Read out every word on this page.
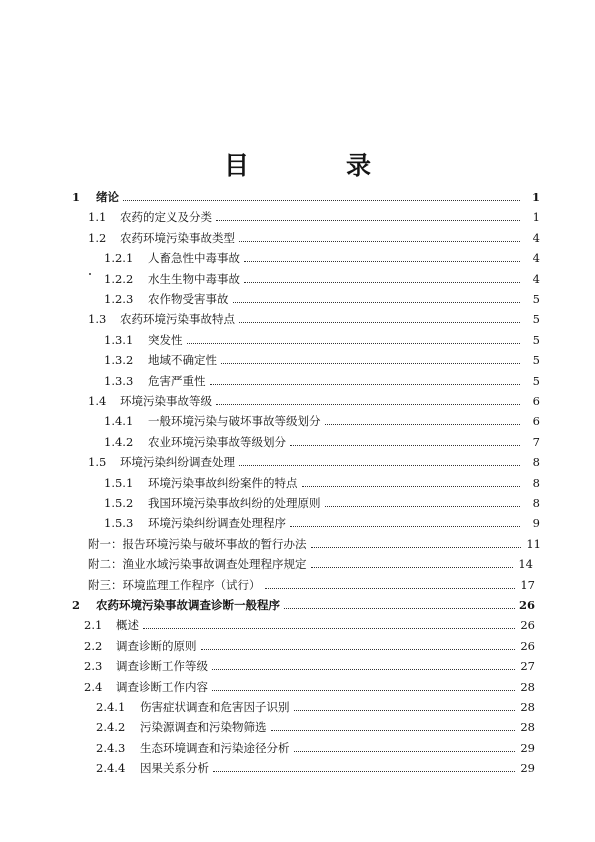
目　录
1	绪论	1
1.1	农药的定义及分类	1
1.2	农药环境污染事故类型	4
1.2.1	人畜急性中毒事故	4
1.2.2	水生生物中毒事故	4
1.2.3	农作物受害事故	5
1.3	农药环境污染事故特点	5
1.3.1	突发性	5
1.3.2	地域不确定性	5
1.3.3	危害严重性	5
1.4	环境污染事故等级	6
1.4.1	一般环境污染与破坏事故等级划分	6
1.4.2	农业环境污染事故等级划分	7
1.5	环境污染纠纷调查处理	8
1.5.1	环境污染事故纠纷案件的特点	8
1.5.2	我国环境污染事故纠纷的处理原则	8
1.5.3	环境污染纠纷调查处理程序	9
附一：报告环境污染与破坏事故的暂行办法	11
附二：渔业水域污染事故调查处理程序规定	14
附三：环境监理工作程序（试行）	17
2	农药环境污染事故调查诊断一般程序	26
2.1	概述	26
2.2	调查诊断的原则	26
2.3	调查诊断工作等级	27
2.4	调查诊断工作内容	28
2.4.1	伤害症状调查和危害因子识别	28
2.4.2	污染源调查和污染物筛选	28
2.4.3	生态环境调查和污染途径分析	29
2.4.4	因果关系分析	29
